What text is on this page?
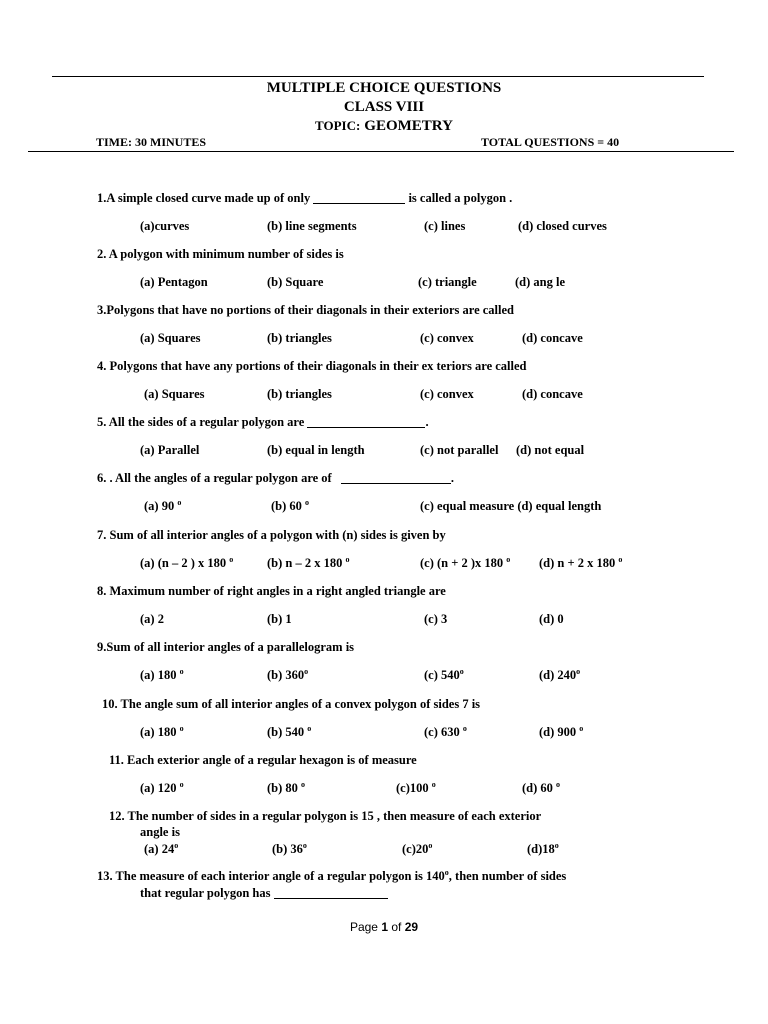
MULTIPLE CHOICE QUESTIONS
CLASS VIII
TOPIC: GEOMETRY
TIME: 30 MINUTES	TOTAL QUESTIONS = 40
1.A simple closed curve made up of only	is called a polygon .
(a)curves	(b) line segments	(c) lines	(d) closed curves
2. A polygon with minimum number of sides is
(a) Pentagon	(b) Square	(c) triangle	(d) ang le
3.Polygons that have no portions of their diagonals in their exteriors are called
(a) Squares	(b) triangles	(c) convex	(d) concave
4. Polygons that have any portions of their diagonals in their ex teriors are called
(a) Squares	(b) triangles	(c) convex	(d) concave
5. All the sides of a regular polygon are	.
(a) Parallel	(b) equal in length	(c) not parallel (d) not equal
6. . All the angles of a regular polygon are of	.
(a) 90 $^o$	(b) 60 $^o$	(c) equal measure (d) equal length
7. Sum of all interior angles of a polygon with (n) sides is given by
(a) (n – 2 ) x 180 $^o$	(b) n – 2 x 180 $^o$	(c) (n + 2 )x 180 $^o$ (d) n + 2 x 180 $^o$
8. Maximum number of right angles in a right angled triangle are
(a) 2	(b) 1	(c) 3	(d) 0
9.Sum of all interior angles of a parallelogram is
(a) 180 $^o$	(b) 360$^o$	(c) 540$^o$	(d) 240$^o$
10. The angle sum of all interior angles of a convex polygon of sides 7 is
(a) 180 $^o$	(b) 540 $^o$	(c) 630 $^o$	(d) 900 $^o$
11. Each exterior angle of a regular hexagon is of measure
(a) 120 $^o$	(b) 80 $^o$	(c)100 $^o$	(d) 60 $^o$
12. The number of sides in a regular polygon is 15 , then measure of each exterior
angle is
(a) 24$^o$	(b) 36$^o$	(c)20$^o$	(d)18$^o$
13. The measure of each interior angle of a regular polygon is 140$^o$, then number of sides
that regular polygon has
Page 1 of 29
